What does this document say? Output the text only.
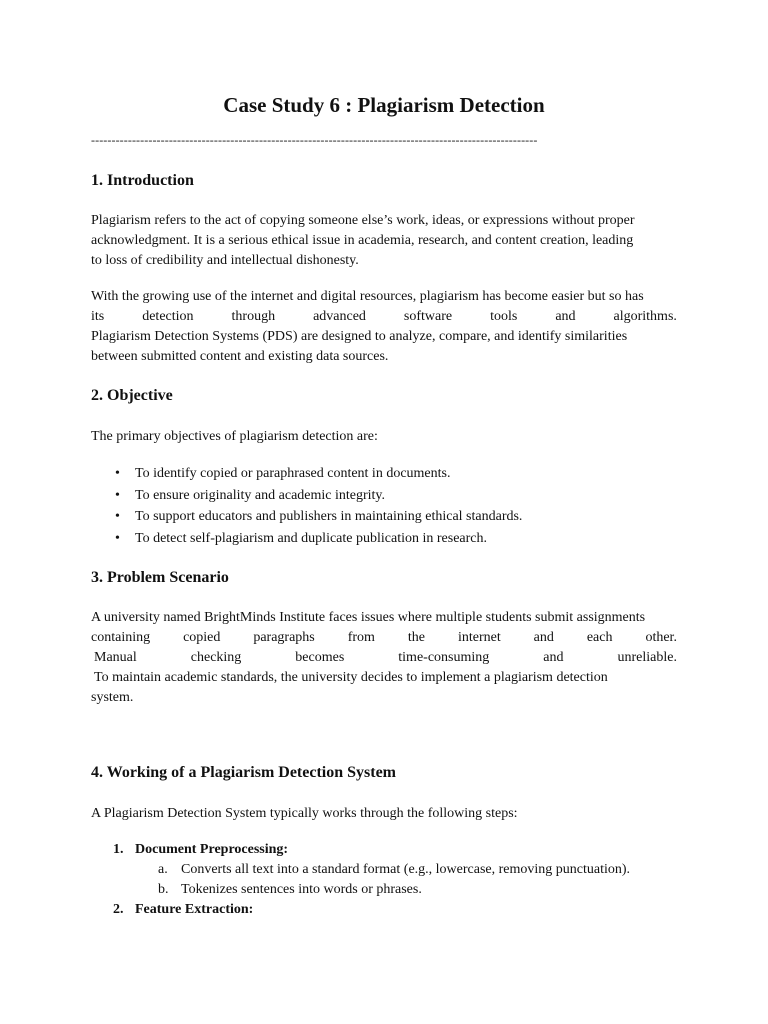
Case Study 6 : Plagiarism Detection
-------------------------------------------------------------------------------------------------------------
1. Introduction
Plagiarism refers to the act of copying someone else’s work, ideas, or expressions without proper
acknowledgment. It is a serious ethical issue in academia, research, and content creation, leading
to loss of credibility and intellectual dishonesty.
With the growing use of the internet and digital resources, plagiarism has become easier but so has
its	detection	through	advanced	software	tools	and	algorithms.
Plagiarism Detection Systems (PDS) are designed to analyze, compare, and identify similarities
between submitted content and existing data sources.
2. Objective
The primary objectives of plagiarism detection are:
• To identify copied or paraphrased content in documents.
• To ensure originality and academic integrity.
• To support educators and publishers in maintaining ethical standards.
• To detect self-plagiarism and duplicate publication in research.
3. Problem Scenario
A university named BrightMinds Institute faces issues where multiple students submit assignments
containing copied paragraphs from the internet and each other.
Manual	checking	becomes	time-consuming	and	unreliable.
To maintain academic standards, the university decides to implement a plagiarism detection
system.
4. Working of a Plagiarism Detection System
A Plagiarism Detection System typically works through the following steps:
1. Document Preprocessing:
a. Converts all text into a standard format (e.g., lowercase, removing punctuation).
b. Tokenizes sentences into words or phrases.
2. Feature Extraction:
